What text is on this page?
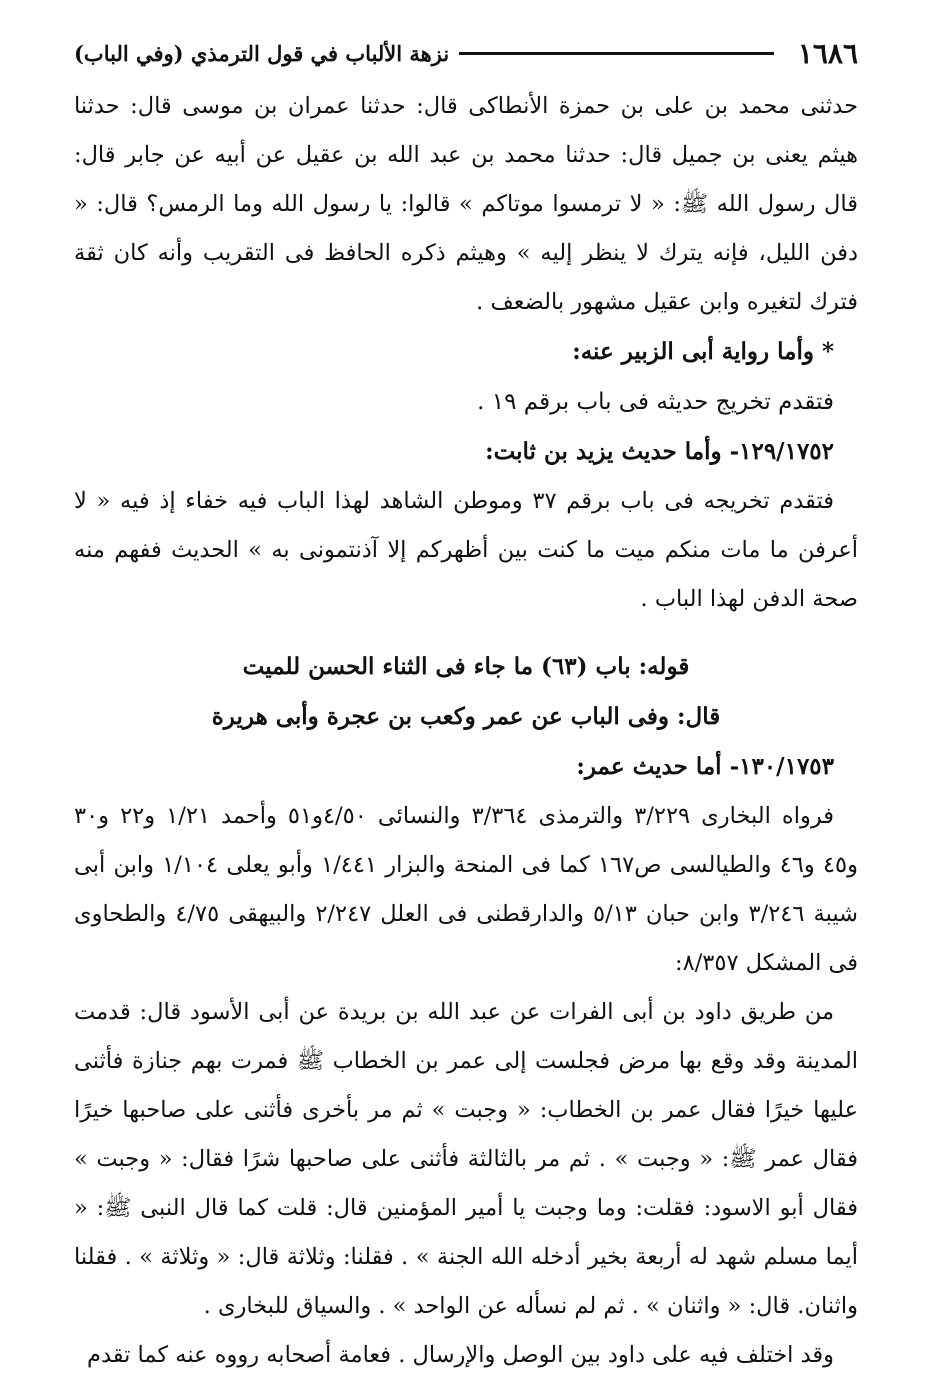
١٦٨٦
نزهة الألباب في قول الترمذي (وفي الباب)

حدثنى محمد بن على بن حمزة الأنطاكى قال: حدثنا عمران بن موسى قال: حدثنا هيثم يعنى بن جميل قال: حدثنا محمد بن عبد الله بن عقيل عن أبيه عن جابر قال: قال رسول الله ﷺ: « لا ترمسوا موتاكم » قالوا: يا رسول الله وما الرمس؟ قال: « دفن الليل، فإنه يترك لا ينظر إليه » وهيثم ذكره الحافظ فى التقريب وأنه كان ثقة فترك لتغيره وابن عقيل مشهور بالضعف .

* وأما رواية أبى الزبير عنه:

فتقدم تخريج حديثه فى باب برقم ١٩ .

١٢٩/١٧٥٢- وأما حديث يزيد بن ثابت:

فتقدم تخريجه فى باب برقم ٣٧ وموطن الشاهد لهذا الباب فيه خفاء إذ فيه « لا أعرفن ما مات منكم ميت ما كنت بين أظهركم إلا آذنتمونى به » الحديث ففهم منه صحة الدفن لهذا الباب .

قوله: باب (٦٣) ما جاء فى الثناء الحسن للميت

قال: وفى الباب عن عمر وكعب بن عجرة وأبى هريرة

١٣٠/١٧٥٣- أما حديث عمر:

فرواه البخارى ٣/٢٢٩ والترمذى ٣/٣٦٤ والنسائى ٤/٥٠و٥١ وأحمد ١/٢١ و٢٢ و٣٠ و٤٥ و٤٦ والطيالسى ص١٦٧ كما فى المنحة والبزار ١/٤٤١ وأبو يعلى ١/١٠٤ وابن أبى شيبة ٣/٢٤٦ وابن حبان ٥/١٣ والدارقطنى فى العلل ٢/٢٤٧ والبيهقى ٤/٧٥ والطحاوى فى المشكل ٨/٣٥٧:

من طريق داود بن أبى الفرات عن عبد الله بن بريدة عن أبى الأسود قال: قدمت المدينة وقد وقع بها مرض فجلست إلى عمر بن الخطاب ﷺ فمرت بهم جنازة فأثنى عليها خيرًا فقال عمر بن الخطاب: « وجبت » ثم مر بأخرى فأثنى على صاحبها خيرًا فقال عمر ﷺ: « وجبت » . ثم مر بالثالثة فأثنى على صاحبها شرًا فقال: « وجبت » فقال أبو الاسود: فقلت: وما وجبت يا أمير المؤمنين قال: قلت كما قال النبى ﷺ: « أيما مسلم شهد له أربعة بخير أدخله الله الجنة » . فقلنا: وثلاثة قال: « وثلاثة » . فقلنا واثنان. قال: « واثنان » . ثم لم نسأله عن الواحد » . والسياق للبخارى .

وقد اختلف فيه على داود بين الوصل والإرسال . فعامة أصحابه رووه عنه كما تقدم
